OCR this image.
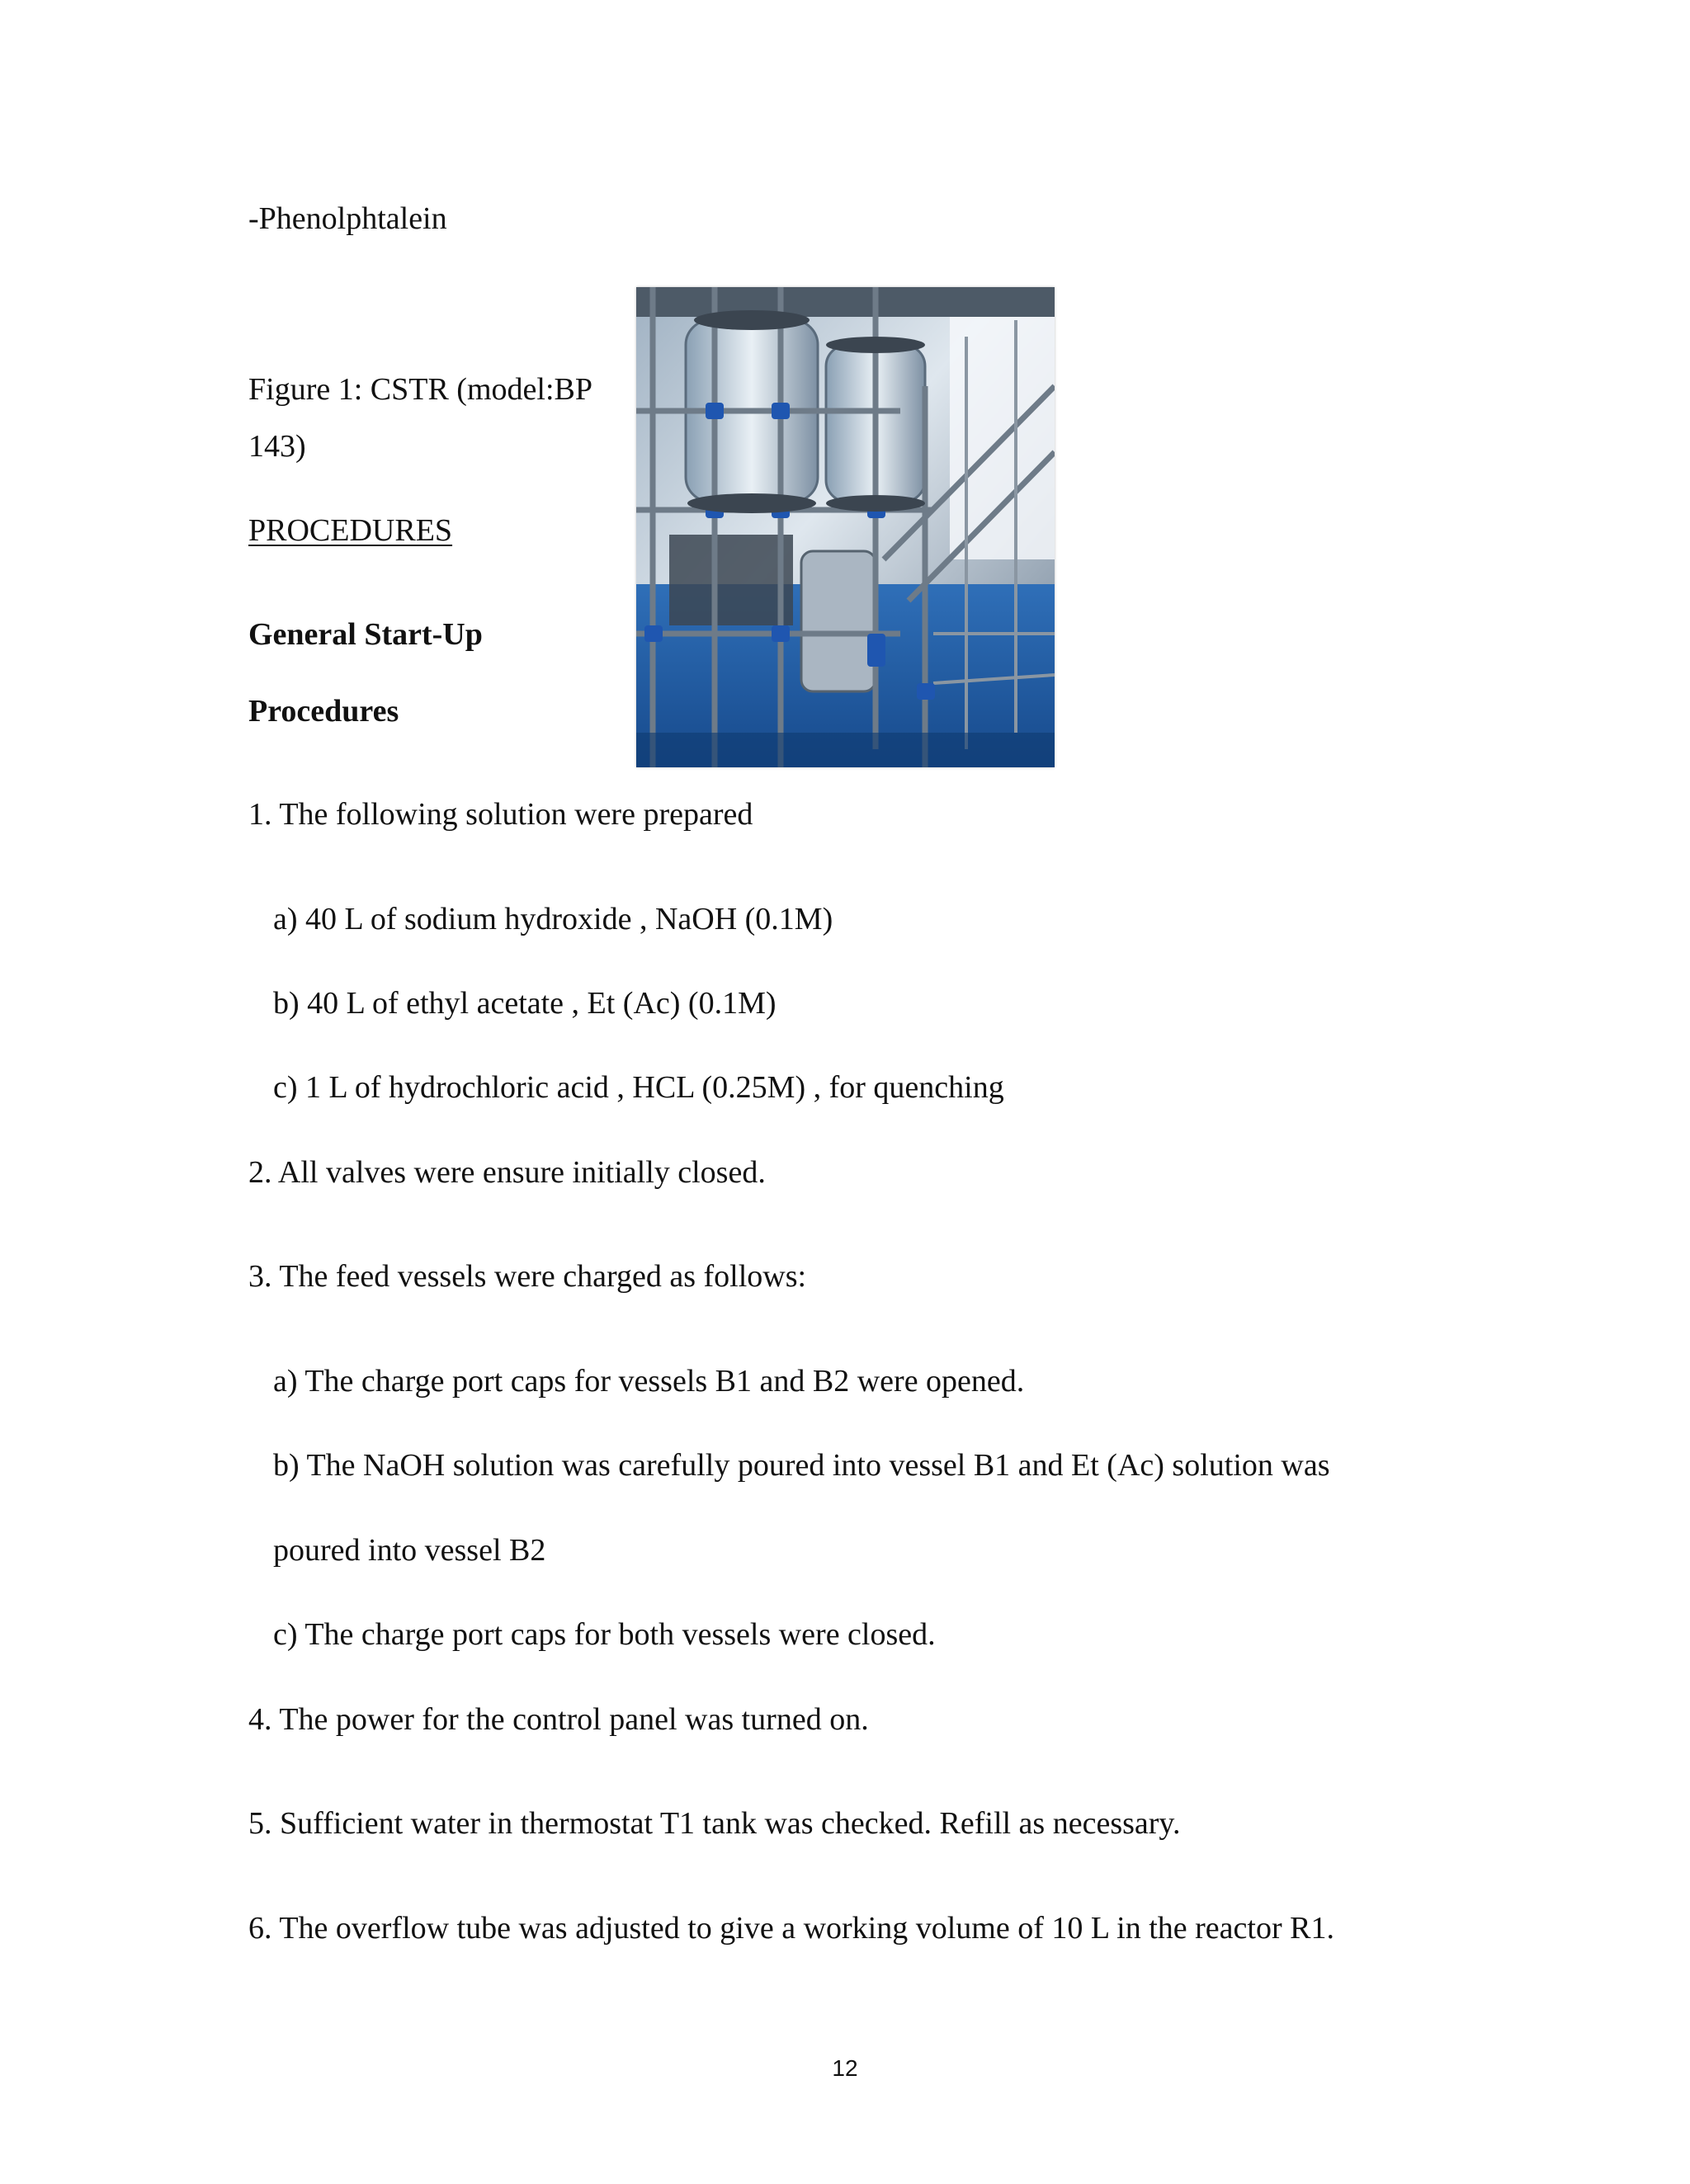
-Phenolphtalein
Figure 1: CSTR (model:BP
143)
PROCEDURES
General Start-Up
Procedures
1. The following solution were prepared
a) 40 L of sodium hydroxide , NaOH (0.1M)
b) 40 L of ethyl acetate , Et (Ac) (0.1M)
c) 1 L of hydrochloric acid , HCL (0.25M) , for quenching
2. All valves were ensure initially closed.
3. The feed vessels were charged as follows:
a) The charge port caps for vessels B1 and B2 were opened.
b) The NaOH solution was carefully poured into vessel B1 and Et (Ac) solution was
poured into vessel B2
c) The charge port caps for both vessels were closed.
4. The power for the control panel was turned on.
5. Sufficient water in thermostat T1 tank was checked. Refill as necessary.
6. The overflow tube was adjusted to give a working volume of 10 L in the reactor R1.
12
